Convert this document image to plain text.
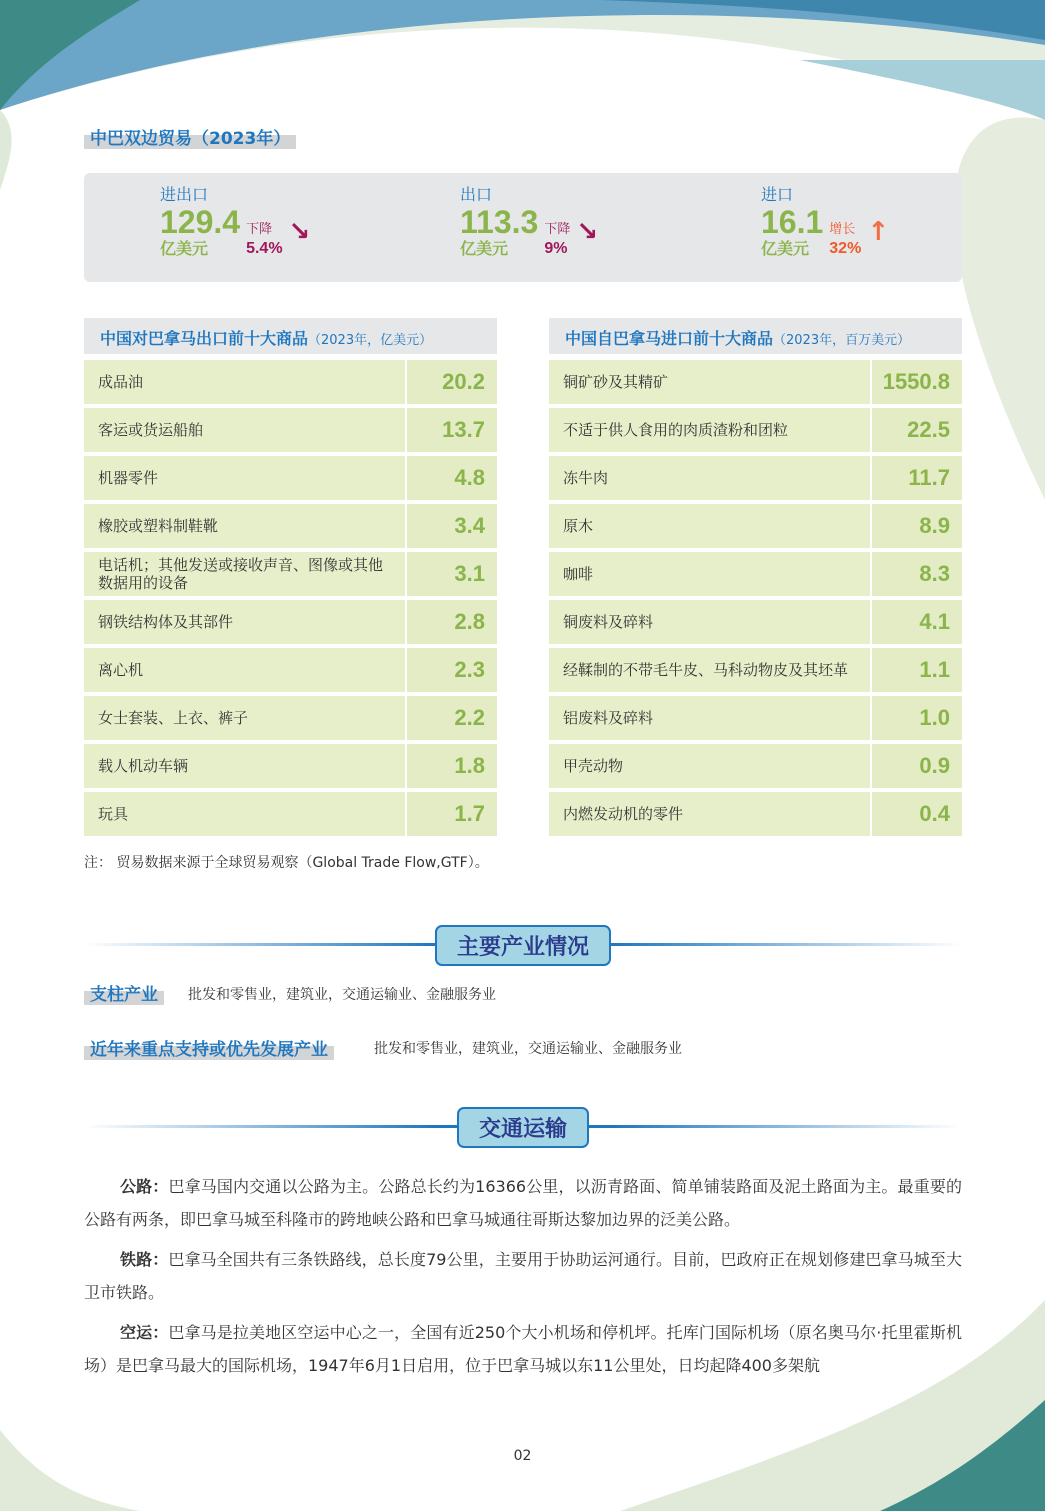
中巴双边贸易（2023年）
进出口
129.4
亿美元
下降
5.4%
↘
出口
113.3
亿美元
下降
9%
↘
进口
16.1
亿美元
增长
32%
↑
中国对巴拿马出口前十大商品（2023年，亿美元）
成品油	20.2
客运或货运船舶	13.7
机器零件	4.8
橡胶或塑料制鞋靴	3.4
电话机；其他发送或接收声音、图像或其他数据用的设备	3.1
钢铁结构体及其部件	2.8
离心机	2.3
女士套装、上衣、裤子	2.2
载人机动车辆	1.8
玩具	1.7
中国自巴拿马进口前十大商品（2023年，百万美元）
铜矿砂及其精矿	1550.8
不适于供人食用的肉质渣粉和团粒	22.5
冻牛肉	11.7
原木	8.9
咖啡	8.3
铜废料及碎料	4.1
经鞣制的不带毛牛皮、马科动物皮及其坯革	1.1
铝废料及碎料	1.0
甲壳动物	0.9
内燃发动机的零件	0.4
注： 贸易数据来源于全球贸易观察（Global Trade Flow,GTF）。
主要产业情况
支柱产业	批发和零售业，建筑业，交通运输业、金融服务业
近年来重点支持或优先发展产业	批发和零售业，建筑业，交通运输业、金融服务业
交通运输
公路：巴拿马国内交通以公路为主。公路总长约为16366公里，以沥青路面、简单铺装路面及泥土路面为主。最重要的公路有两条，即巴拿马城至科隆市的跨地峡公路和巴拿马城通往哥斯达黎加边界的泛美公路。
铁路：巴拿马全国共有三条铁路线，总长度79公里，主要用于协助运河通行。目前，巴政府正在规划修建巴拿马城至大卫市铁路。
空运：巴拿马是拉美地区空运中心之一，全国有近250个大小机场和停机坪。托库门国际机场（原名奥马尔·托里霍斯机场）是巴拿马最大的国际机场，1947年6月1日启用，位于巴拿马城以东11公里处，日均起降400多架航
02
